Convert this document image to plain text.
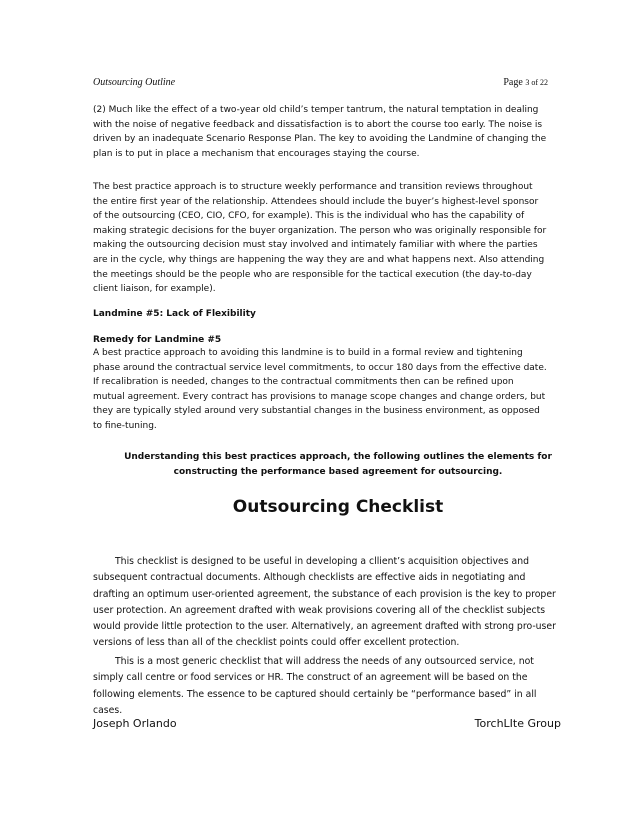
Outsourcing Outline	Page 3 of 22

(2) Much like the effect of a two-year old child’s temper tantrum, the natural temptation in dealing with the noise of negative feedback and dissatisfaction is to abort the course too early. The noise is driven by an inadequate Scenario Response Plan. The key to avoiding the Landmine of changing the plan is to put in place a mechanism that encourages staying the course.

The best practice approach is to structure weekly performance and transition reviews throughout the entire first year of the relationship. Attendees should include the buyer’s highest-level sponsor of the outsourcing (CEO, CIO, CFO, for example). This is the individual who has the capability of making strategic decisions for the buyer organization. The person who was originally responsible for making the outsourcing decision must stay involved and intimately familiar with where the parties are in the cycle, why things are happening the way they are and what happens next. Also attending the meetings should be the people who are responsible for the tactical execution (the day-to-day client liaison, for example).

Landmine #5: Lack of Flexibility

Remedy for Landmine #5

A best practice approach to avoiding this landmine is to build in a formal review and tightening phase around the contractual service level commitments, to occur 180 days from the effective date. If recalibration is needed, changes to the contractual commitments then can be refined upon mutual agreement. Every contract has provisions to manage scope changes and change orders, but they are typically styled around very substantial changes in the business environment, as opposed to fine-tuning.

Understanding this best practices approach, the following outlines the elements for constructing the performance based agreement for outsourcing.

Outsourcing Checklist

This checklist is designed to be useful in developing a cllient’s acquisition objectives and subsequent contractual documents. Although checklists are effective aids in negotiating and drafting an optimum user-oriented agreement, the substance of each provision is the key to proper user protection. An agreement drafted with weak provisions covering all of the checklist subjects would provide little protection to the user. Alternatively, an agreement drafted with strong pro-user versions of less than all of the checklist points could offer excellent protection.

This is a most generic checklist that will address the needs of any outsourced service, not simply call centre or food services or HR. The construct of an agreement will be based on the following elements. The essence to be captured should certainly be “performance based” in all cases.

Joseph Orlando	TorchLIte Group
